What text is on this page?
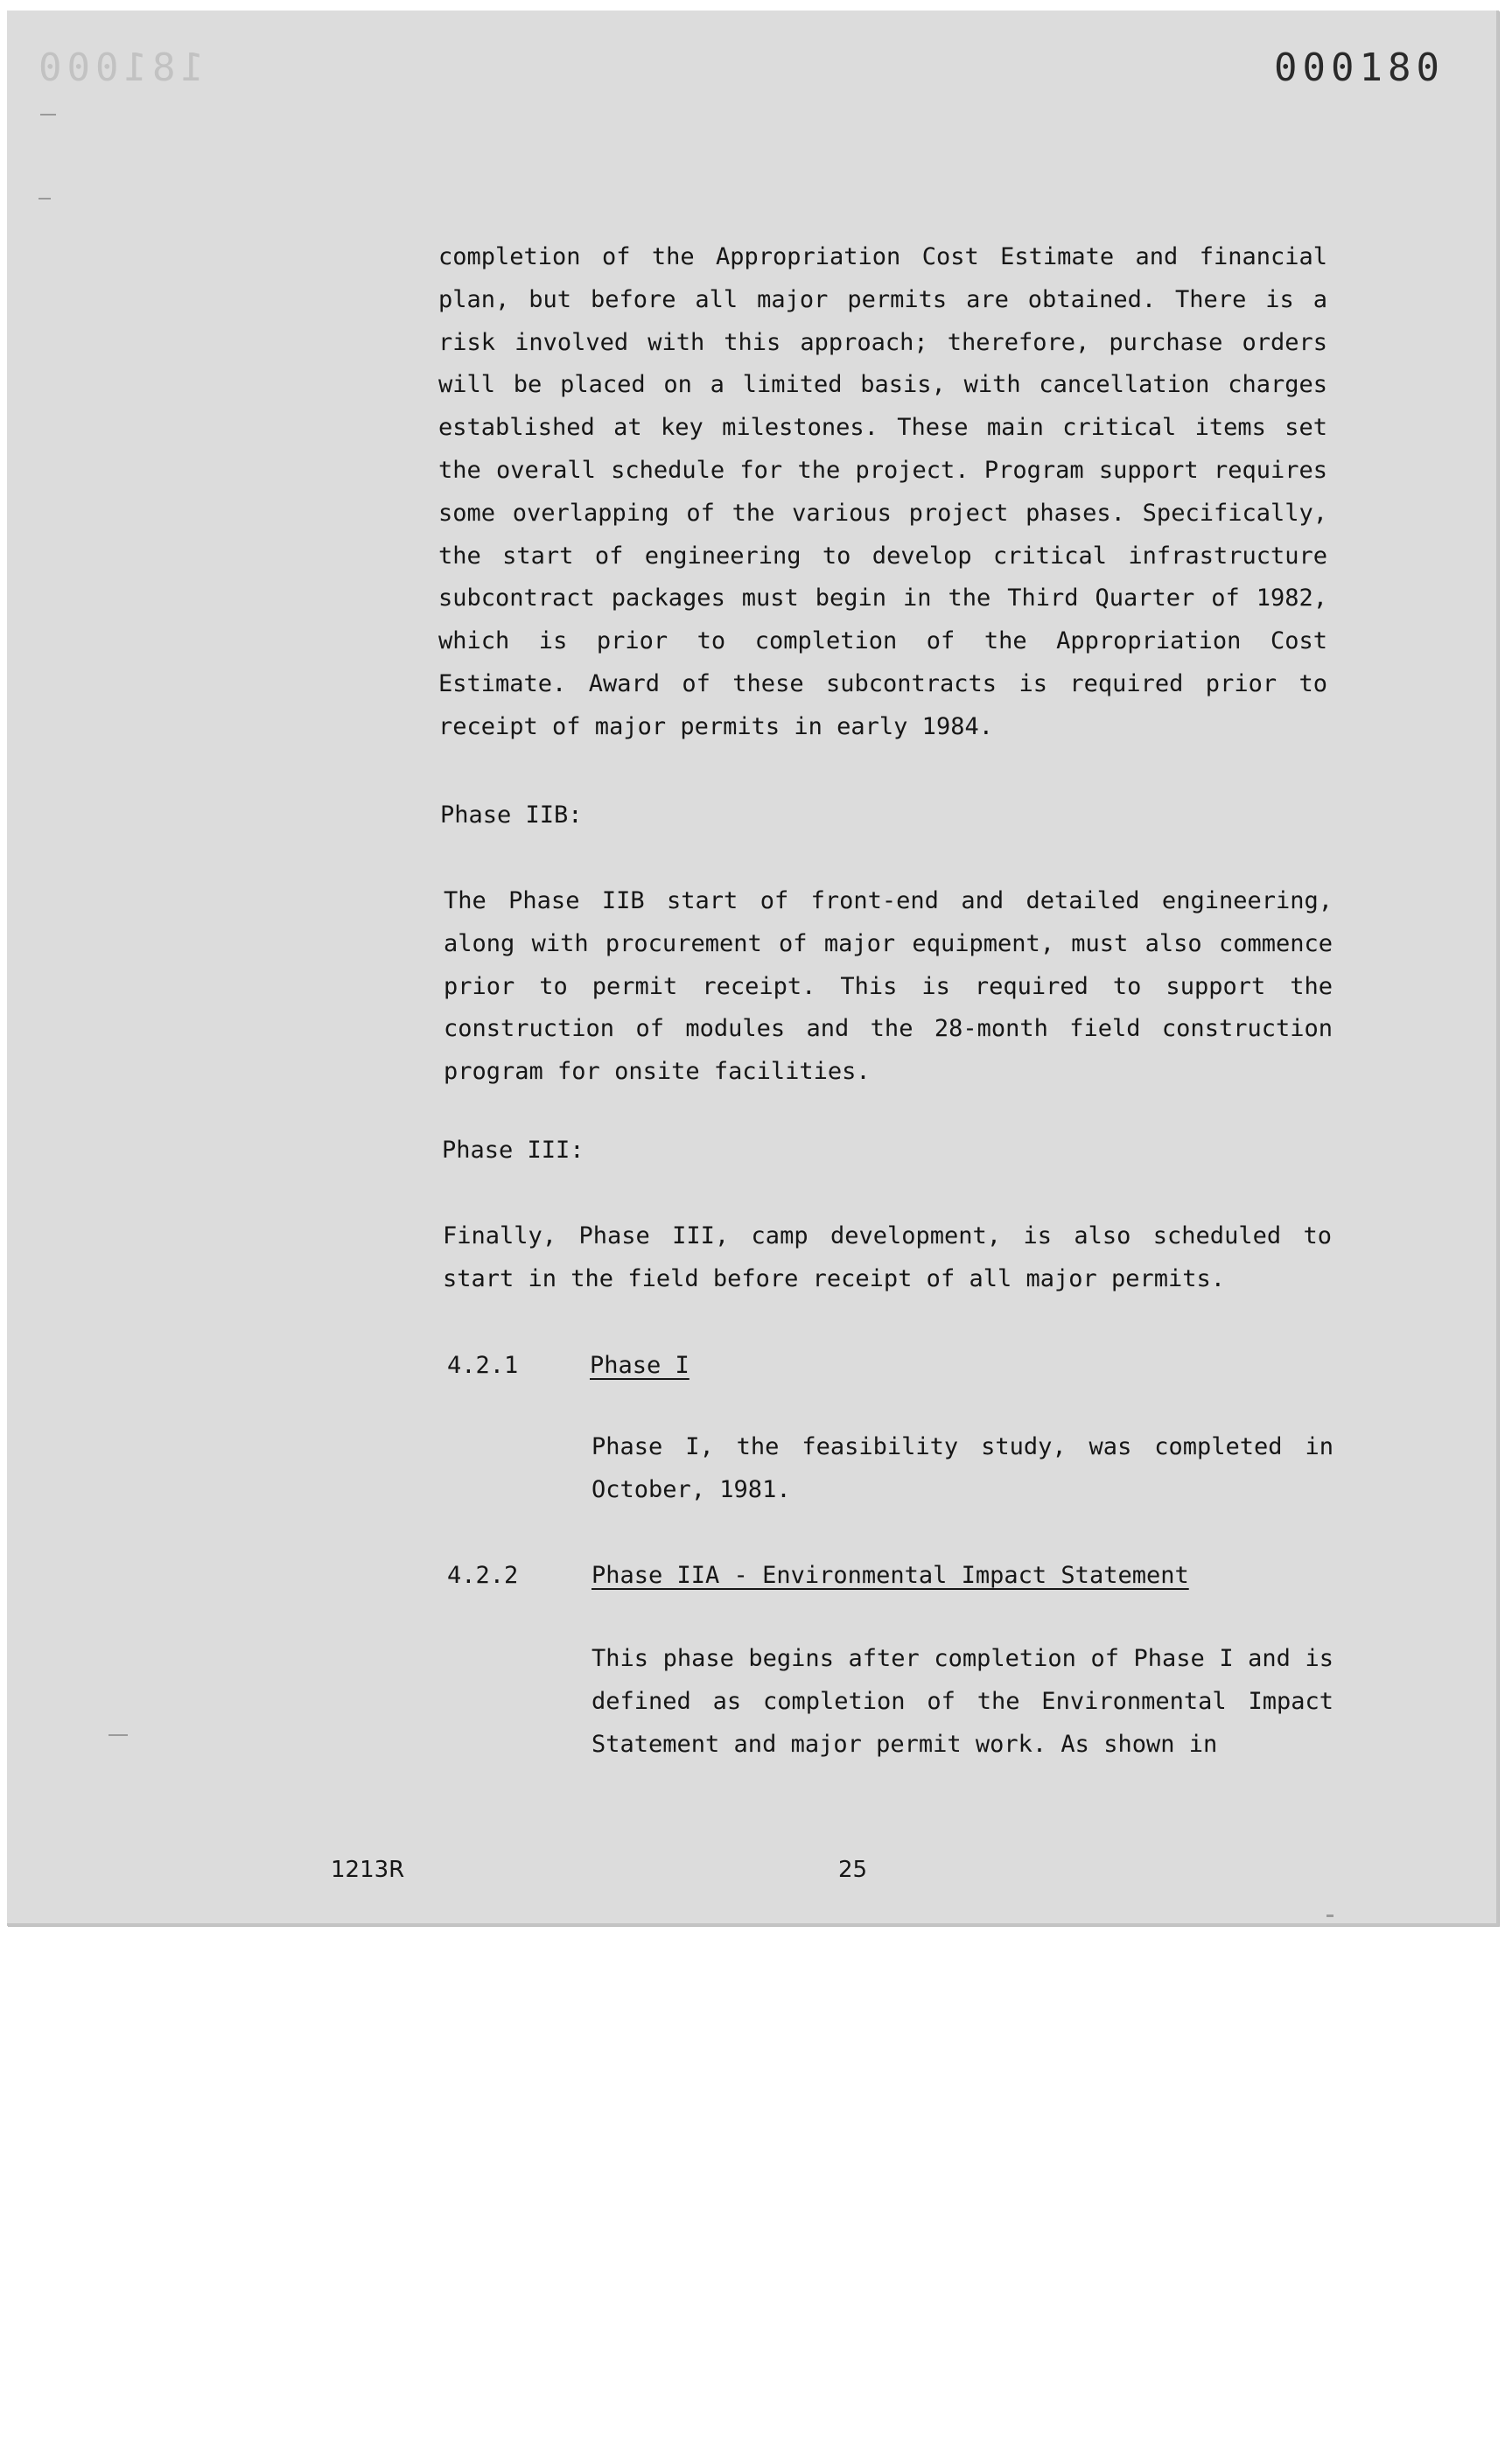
181000	000180

completion of the Appropriation Cost Estimate and financial plan, but before all major permits are obtained. There is a risk involved with this approach; therefore, purchase orders will be placed on a limited basis, with cancellation charges established at key milestones. These main critical items set the overall schedule for the project. Program support requires some overlapping of the various project phases. Specifically, the start of engineering to develop critical infrastructure subcontract packages must begin in the Third Quarter of 1982, which is prior to completion of the Appropriation Cost Estimate. Award of these subcontracts is required prior to receipt of major permits in early 1984.

Phase IIB:

The Phase IIB start of front-end and detailed engineering, along with procurement of major equipment, must also commence prior to permit receipt. This is required to support the construction of modules and the 28-month field construction program for onsite facilities.

Phase III:

Finally, Phase III, camp development, is also scheduled to start in the field before receipt of all major permits.

4.2.1	Phase I

Phase I, the feasibility study, was completed in October, 1981.

4.2.2	Phase IIA - Environmental Impact Statement

This phase begins after completion of Phase I and is defined as completion of the Environmental Impact Statement and major permit work. As shown in

1213R	25
